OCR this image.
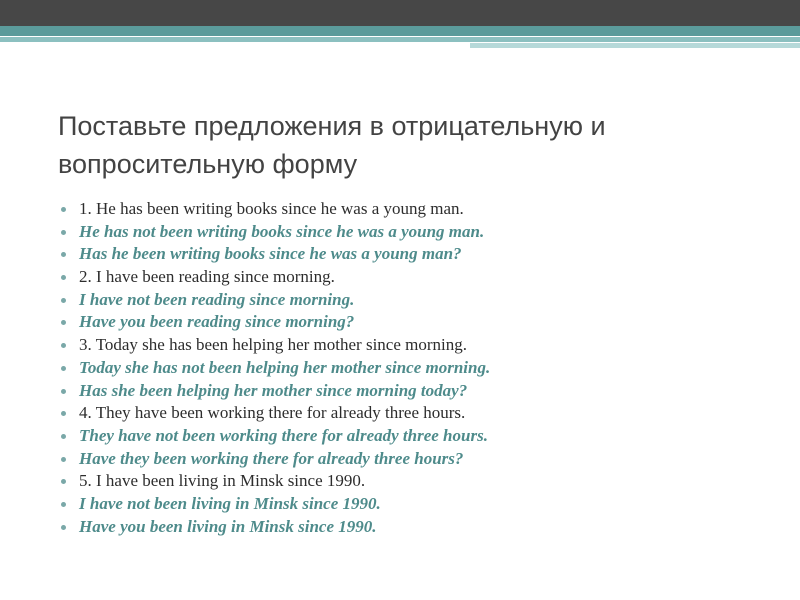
Поставьте предложения в отрицательную и вопросительную форму
1. He has been writing books since he was a young man.
He has not been writing books since he was a young man.
Has he been writing books since he was a young man?
2. I have been reading since morning.
I have not been reading since morning.
Have you been reading since morning?
3. Today she has been helping her mother since morning.
Today she has not been helping her mother since morning.
Has she been helping her mother since morning today?
4. They have been working there for already three hours.
They have not been working there for already three hours.
Have they been working there for already three hours?
5. I have been living in Minsk since 1990.
I have not been living in Minsk since 1990.
Have you been living in Minsk since 1990.
